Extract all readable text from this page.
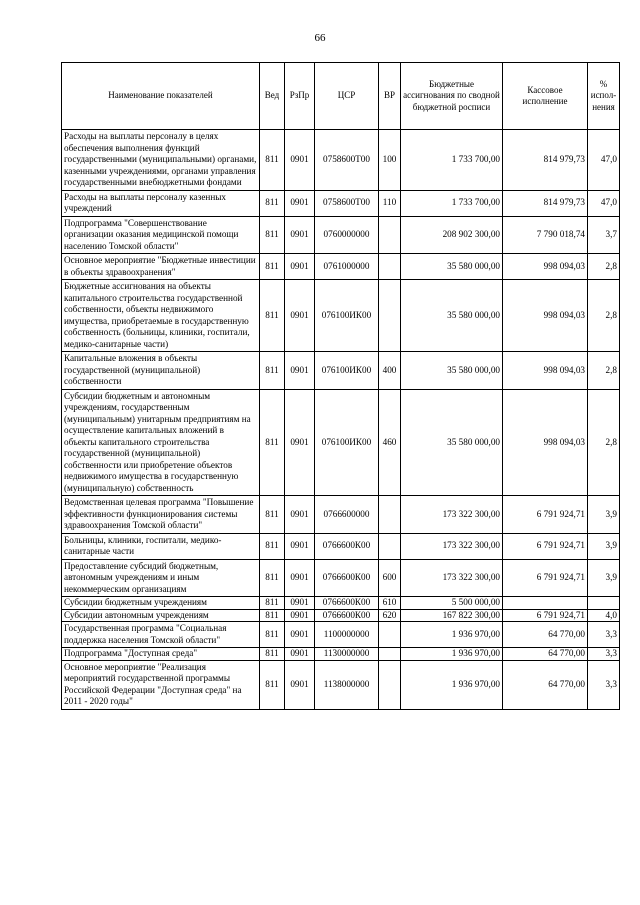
66
Наименование показателей	Вед	РзПр	ЦСР	ВР	Бюджетные ассигнования по сводной бюджетной росписи	Кассовое исполнение	% испол-нения
Расходы на выплаты персоналу в целях обеспечения выполнения функций государственными (муниципальными) органами, казенными учреждениями, органами управления государственными внебюджетными фондами	811	0901	0758600Т00	100	1 733 700,00	814 979,73	47,0
Расходы на выплаты персоналу казенных учреждений	811	0901	0758600Т00	110	1 733 700,00	814 979,73	47,0
Подпрограмма "Совершенствование организации оказания медицинской помощи населению Томской области"	811	0901	0760000000		208 902 300,00	7 790 018,74	3,7
Основное мероприятие "Бюджетные инвестиции в объекты здравоохранения"	811	0901	0761000000		35 580 000,00	998 094,03	2,8
Бюджетные ассигнования на объекты капитального строительства государственной собственности, объекты недвижимого имущества, приобретаемые в государственную собственность (больницы, клиники, госпитали, медико-санитарные части)	811	0901	076100ИК00		35 580 000,00	998 094,03	2,8
Капитальные вложения в объекты государственной (муниципальной) собственности	811	0901	076100ИК00	400	35 580 000,00	998 094,03	2,8
Субсидии бюджетным и автономным учреждениям, государственным (муниципальным) унитарным предприятиям на осуществление капитальных вложений в объекты капитального строительства государственной (муниципальной) собственности или приобретение объектов недвижимого имущества в государственную (муниципальную) собственность	811	0901	076100ИК00	460	35 580 000,00	998 094,03	2,8
Ведомственная целевая программа "Повышение эффективности функционирования системы здравоохранения Томской области"	811	0901	0766600000		173 322 300,00	6 791 924,71	3,9
Больницы, клиники, госпитали, медико-санитарные части	811	0901	0766600К00		173 322 300,00	6 791 924,71	3,9
Предоставление субсидий бюджетным, автономным учреждениям и иным некоммерческим организациям	811	0901	0766600К00	600	173 322 300,00	6 791 924,71	3,9
Субсидии бюджетным учреждениям	811	0901	0766600К00	610	5 500 000,00		
Субсидии автономным учреждениям	811	0901	0766600К00	620	167 822 300,00	6 791 924,71	4,0
Государственная программа "Социальная поддержка населения Томской области"	811	0901	1100000000		1 936 970,00	64 770,00	3,3
Подпрограмма "Доступная среда"	811	0901	1130000000		1 936 970,00	64 770,00	3,3
Основное мероприятие "Реализация мероприятий государственной программы Российской Федерации "Доступная среда" на 2011 - 2020 годы"	811	0901	1138000000		1 936 970,00	64 770,00	3,3
